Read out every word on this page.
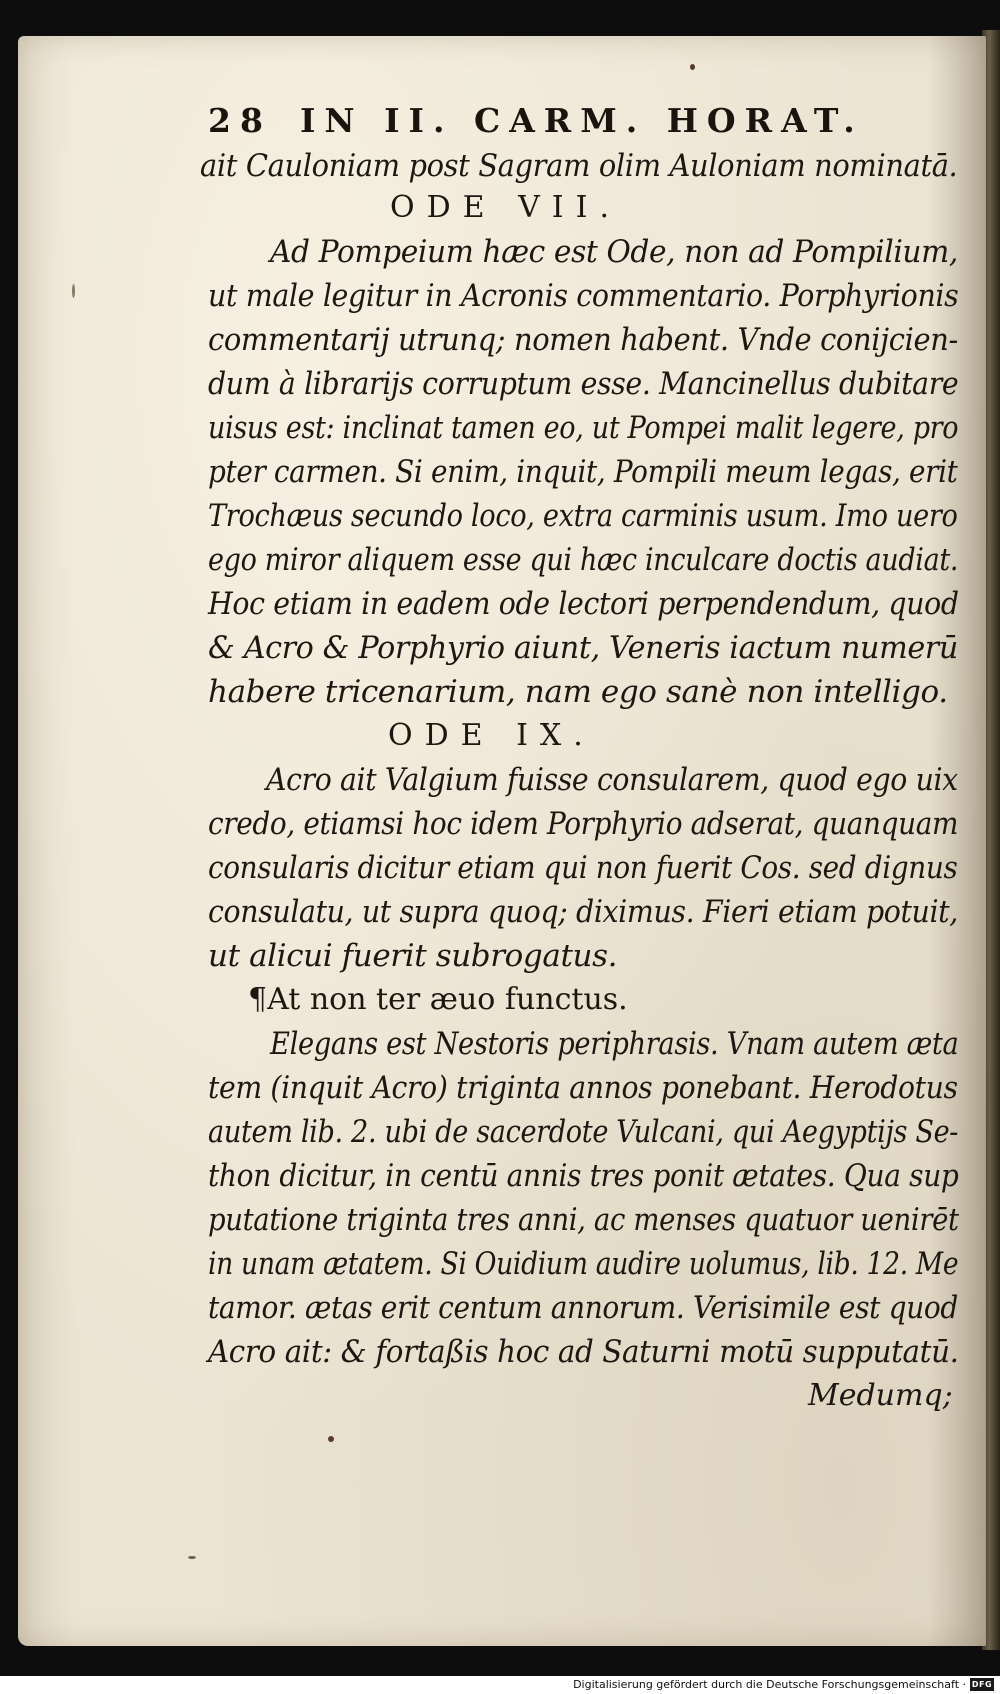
28 IN II. CARM. HORAT.
ait Cauloniam post Sagram olim Auloniam nominatā.
ODE VII.
Ad Pompeium hæc est Ode, non ad Pompilium,
ut male legitur in Acronis commentario. Porphyrionis
commentarij utrunq; nomen habent. Vnde conijcien-
dum à librarijs corruptum esse. Mancinellus dubitare
uisus est: inclinat tamen eo, ut Pompei malit legere, pro
pter carmen. Si enim, inquit, Pompili meum legas, erit
Trochæus secundo loco, extra carminis usum. Imo uero
ego miror aliquem esse qui hæc inculcare doctis audiat.
Hoc etiam in eadem ode lectori perpendendum, quod
& Acro & Porphyrio aiunt, Veneris iactum numerū
habere tricenarium, nam ego sanè non intelligo.
ODE IX.
Acro ait Valgium fuisse consularem, quod ego uix
credo, etiamsi hoc idem Porphyrio adserat, quanquam
consularis dicitur etiam qui non fuerit Cos. sed dignus
consulatu, ut supra quoq; diximus. Fieri etiam potuit,
ut alicui fuerit subrogatus.
¶At non ter æuo functus.
Elegans est Nestoris periphrasis. Vnam autem æta
tem (inquit Acro) triginta annos ponebant. Herodotus
autem lib. 2. ubi de sacerdote Vulcani, qui Aegyptijs Se-
thon dicitur, in centū annis tres ponit ætates. Qua sup
putatione triginta tres anni, ac menses quatuor uenirēt
in unam ætatem. Si Ouidium audire uolumus, lib. 12. Me
tamor. ætas erit centum annorum. Verisimile est quod
Acro ait: & fortaßis hoc ad Saturni motū supputatū.
Medumq;
Digitalisierung gefördert durch die Deutsche Forschungsgemeinschaft · DFG
